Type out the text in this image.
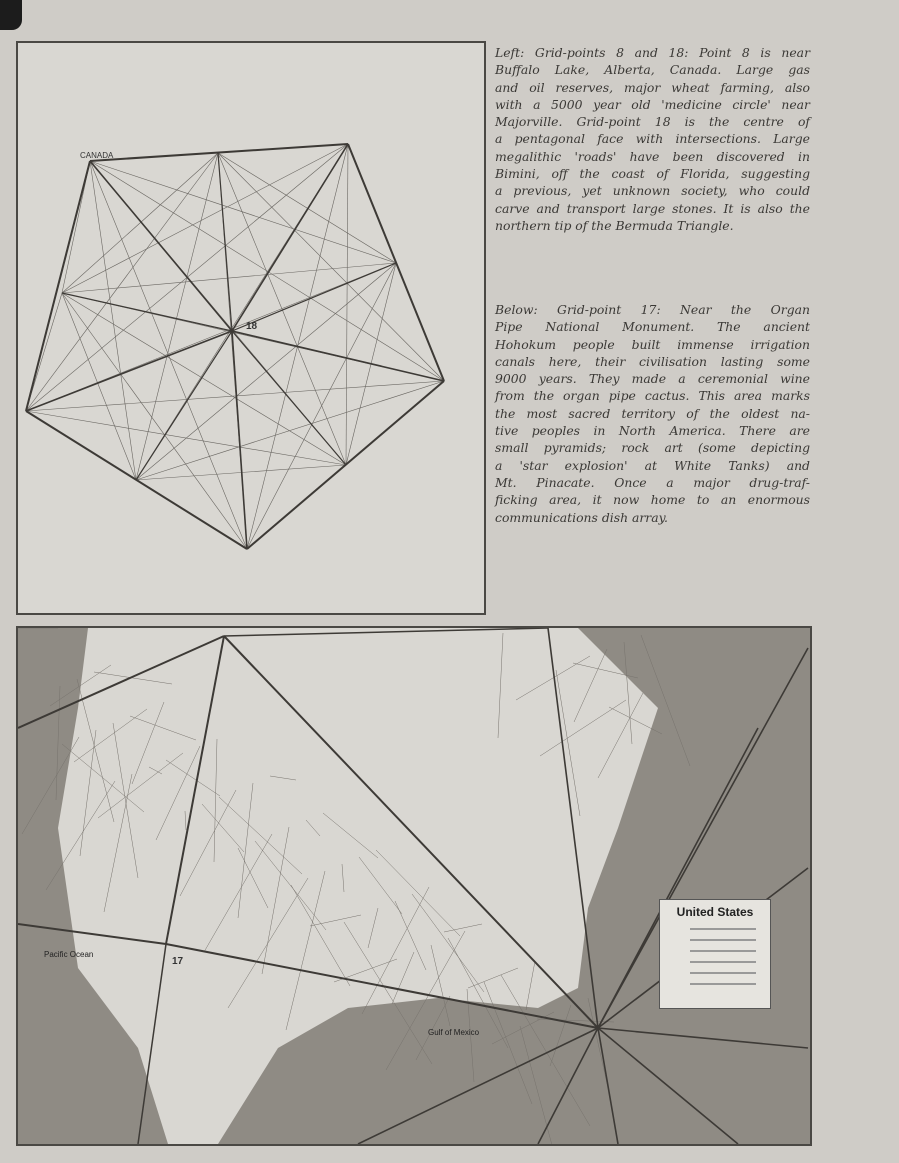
CANADA
18
Left: Grid-points 8 and 18: Point 8 is near
Buffalo Lake, Alberta, Canada. Large gas
and oil reserves, major wheat farming, also
with a 5000 year old 'medicine circle' near
Majorville. Grid-point 18 is the centre of
a pentagonal face with intersections. Large
megalithic 'roads' have been discovered in
Bimini, off the coast of Florida, suggesting
a previous, yet unknown society, who could
carve and transport large stones. It is also the
northern tip of the Bermuda Triangle.
Below: Grid-point 17: Near the Organ
Pipe National Monument. The ancient
Hohokum people built immense irrigation
canals here, their civilisation lasting some
9000 years. They made a ceremonial wine
from the organ pipe cactus. This area marks
the most sacred territory of the oldest na-
tive peoples in North America. There are
small pyramids; rock art (some depicting
a 'star explosion' at White Tanks) and
Mt. Pinacate. Once a major drug-traf-
ficking area, it now home to an enormous
communications dish array.
Pacific Ocean
Gulf of Mexico
17
United States
